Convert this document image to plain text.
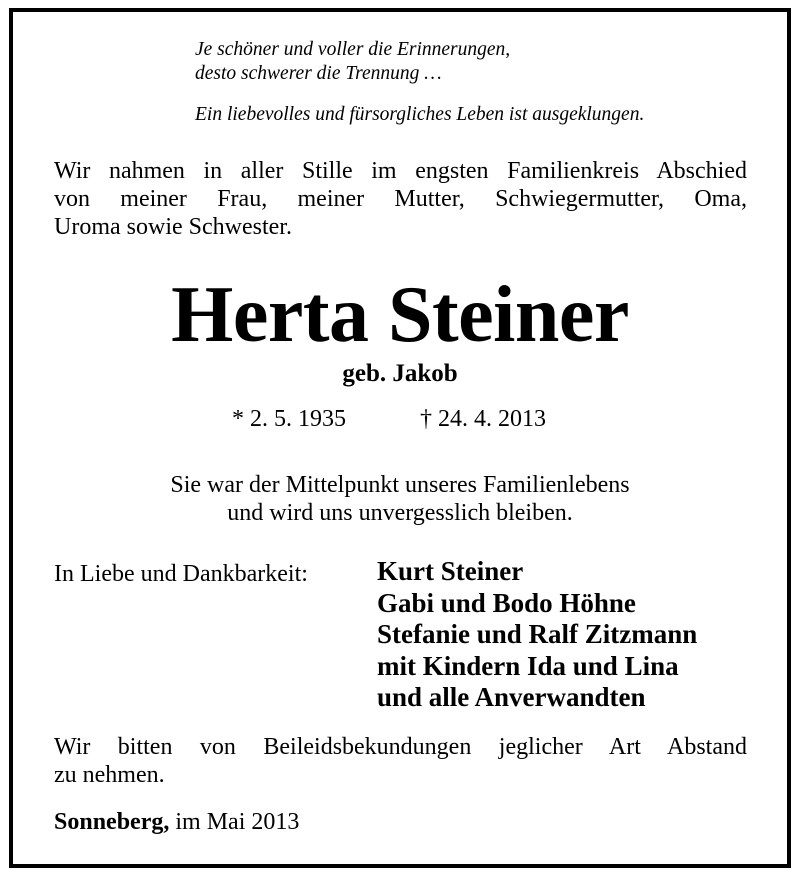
Je schöner und voller die Erinnerungen,
desto schwerer die Trennung …
Ein liebevolles und fürsorgliches Leben ist ausgeklungen.
Wir nahmen in aller Stille im engsten Familienkreis Abschied
von meiner Frau, meiner Mutter, Schwiegermutter, Oma,
Uroma sowie Schwester.
Herta Steiner
geb. Jakob
* 2. 5. 1935	† 24. 4. 2013
Sie war der Mittelpunkt unseres Familienlebens
und wird uns unvergesslich bleiben.
In Liebe und Dankbarkeit:	Kurt Steiner
Gabi und Bodo Höhne
Stefanie und Ralf Zitzmann
mit Kindern Ida und Lina
und alle Anverwandten
Wir bitten von Beileidsbekundungen jeglicher Art Abstand
zu nehmen.
Sonneberg, im Mai 2013
